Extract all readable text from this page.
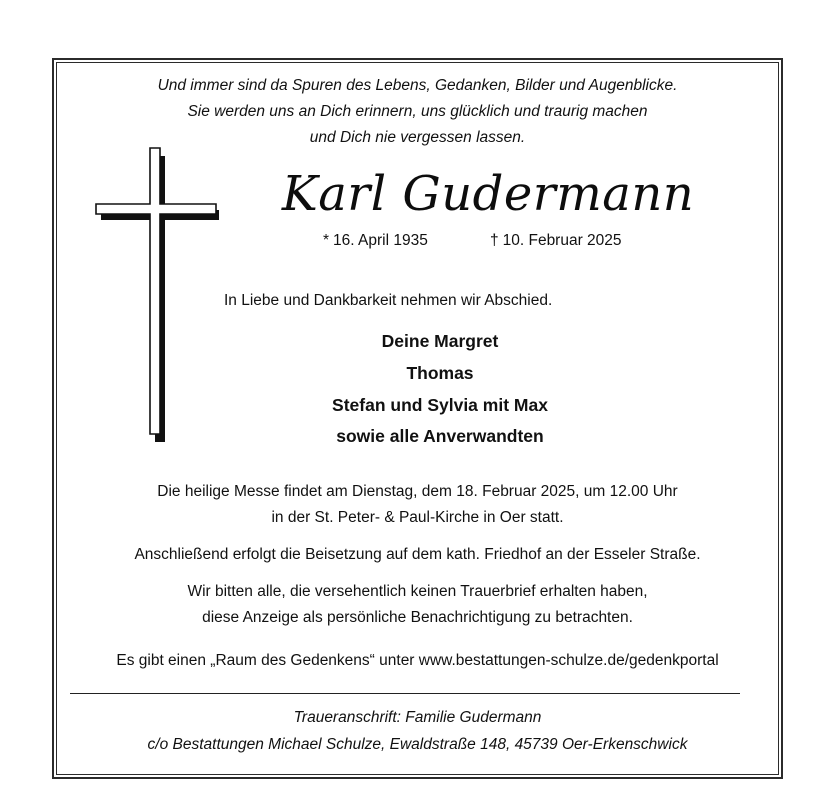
Und immer sind da Spuren des Lebens, Gedanken, Bilder und Augenblicke.
Sie werden uns an Dich erinnern, uns glücklich und traurig machen
und Dich nie vergessen lassen.
Karl Gudermann
* 16. April 1935	† 10. Februar 2025
In Liebe und Dankbarkeit nehmen wir Abschied.
Deine Margret
Thomas
Stefan und Sylvia mit Max
sowie alle Anverwandten
Die heilige Messe findet am Dienstag, dem 18. Februar 2025, um 12.00 Uhr
in der St. Peter- & Paul-Kirche in Oer statt.
Anschließend erfolgt die Beisetzung auf dem kath. Friedhof an der Esseler Straße.
Wir bitten alle, die versehentlich keinen Trauerbrief erhalten haben,
diese Anzeige als persönliche Benachrichtigung zu betrachten.
Es gibt einen „Raum des Gedenkens“ unter www.bestattungen-schulze.de/gedenkportal
Traueranschrift: Familie Gudermann
c/o Bestattungen Michael Schulze, Ewaldstraße 148, 45739 Oer-Erkenschwick
